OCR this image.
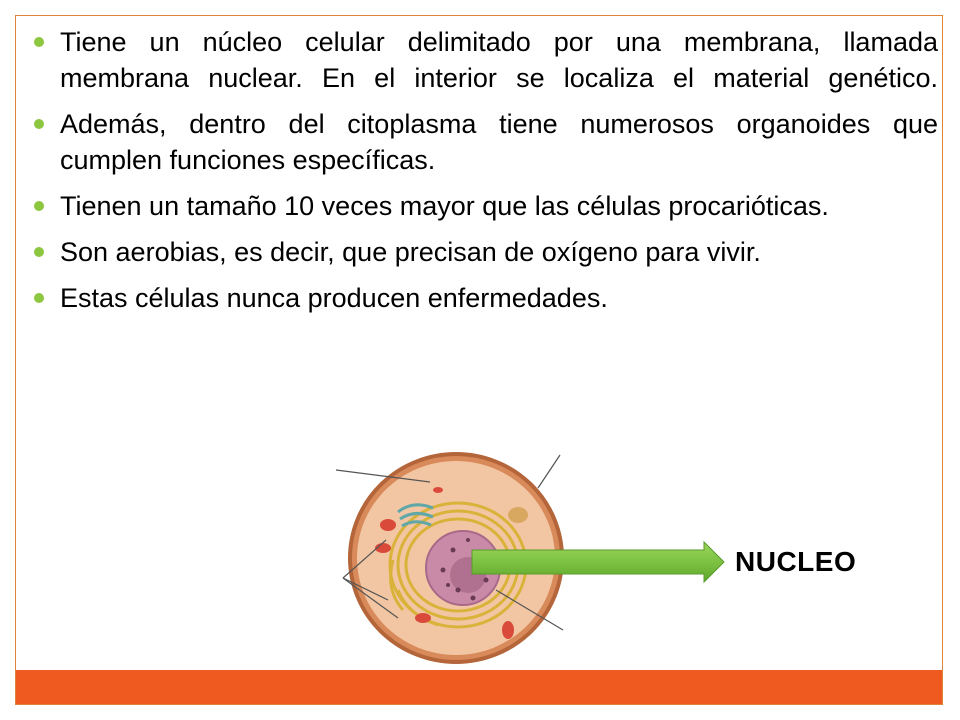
Tiene un núcleo celular delimitado por una membrana, llamada membrana nuclear. En el interior se localiza el material genético.
Además, dentro del citoplasma tiene numerosos organoides que cumplen funciones específicas.
Tienen un tamaño 10 veces mayor que las células procarióticas.
Son aerobias, es decir, que precisan de oxígeno para vivir.
Estas células nunca producen enfermedades.
NUCLEO
